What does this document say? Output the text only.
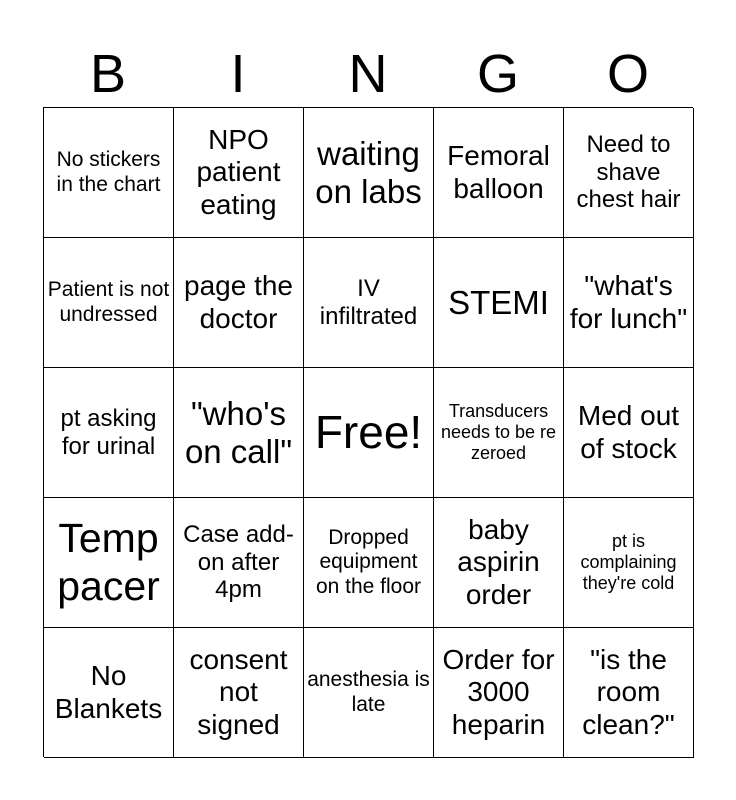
B	I	N	G	O
No stickers in the chart
NPO patient eating
waiting on labs
Femoral balloon
Need to shave chest hair
Patient is not undressed
page the doctor
IV infiltrated STEMI	"what's for lunch"
pt asking for urinal
"who's on call" Free!	Transducers needs to be re zeroed
Med out of stock
Temp pacer
Case add-on after 4pm
Dropped equipment on the floor
baby aspirin order
pt is complaining they're cold
No Blankets
consent not signed
anesthesia is late
Order for 3000 heparin
"is the room clean?"
